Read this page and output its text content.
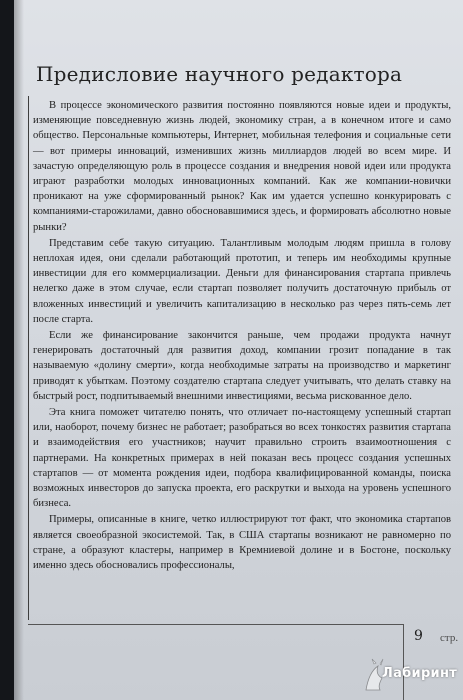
Предисловие научного редактора

В процессе экономического развития постоянно появляются новые идеи и продукты, изменяющие повседневную жизнь людей, экономику стран, а в конечном итоге и само общество. Персональные компьютеры, Интернет, мобильная телефония и социальные сети — вот примеры инноваций, изменивших жизнь миллиардов людей во всем мире. И зачастую определяющую роль в процессе создания и внедрения новой идеи или продукта играют разработки молодых инновационных компаний. Как же компании-новички проникают на уже сформированный рынок? Как им удается успешно конкурировать с компаниями-старожилами, давно обосновавшимися здесь, и формировать абсолютно новые рынки?

Представим себе такую ситуацию. Талантливым молодым людям пришла в голову неплохая идея, они сделали работающий прототип, и теперь им необходимы крупные инвестиции для его коммерциализации. Деньги для финансирования стартапа привлечь нелегко даже в этом случае, если стартап позволяет получить достаточную прибыль от вложенных инвестиций и увеличить капитализацию в несколько раз через пять-семь лет после старта.

Если же финансирование закончится раньше, чем продажи продукта начнут генерировать достаточный для развития доход, компании грозит попадание в так называемую «долину смерти», когда необходимые затраты на производство и маркетинг приводят к убыткам. Поэтому создателю стартапа следует учитывать, что делать ставку на быстрый рост, подпитываемый внешними инвестициями, весьма рискованное дело.

Эта книга поможет читателю понять, что отличает по-настоящему успешный стартап или, наоборот, почему бизнес не работает; разобраться во всех тонкостях развития стартапа и взаимодействия его участников; научит правильно строить взаимоотношения с партнерами. На конкретных примерах в ней показан весь процесс создания успешных стартапов — от момента рождения идеи, подбора квалифицированной команды, поиска возможных инвесторов до запуска проекта, его раскрутки и выхода на уровень успешного бизнеса.

Примеры, описанные в книге, четко иллюстрируют тот факт, что экономика стартапов является своеобразной экосистемой. Так, в США стартапы возникают не равномерно по стране, а образуют кластеры, например в Кремниевой долине и в Бостоне, поскольку именно здесь обосновались профессионалы,

9 стр.
Лабиринт
